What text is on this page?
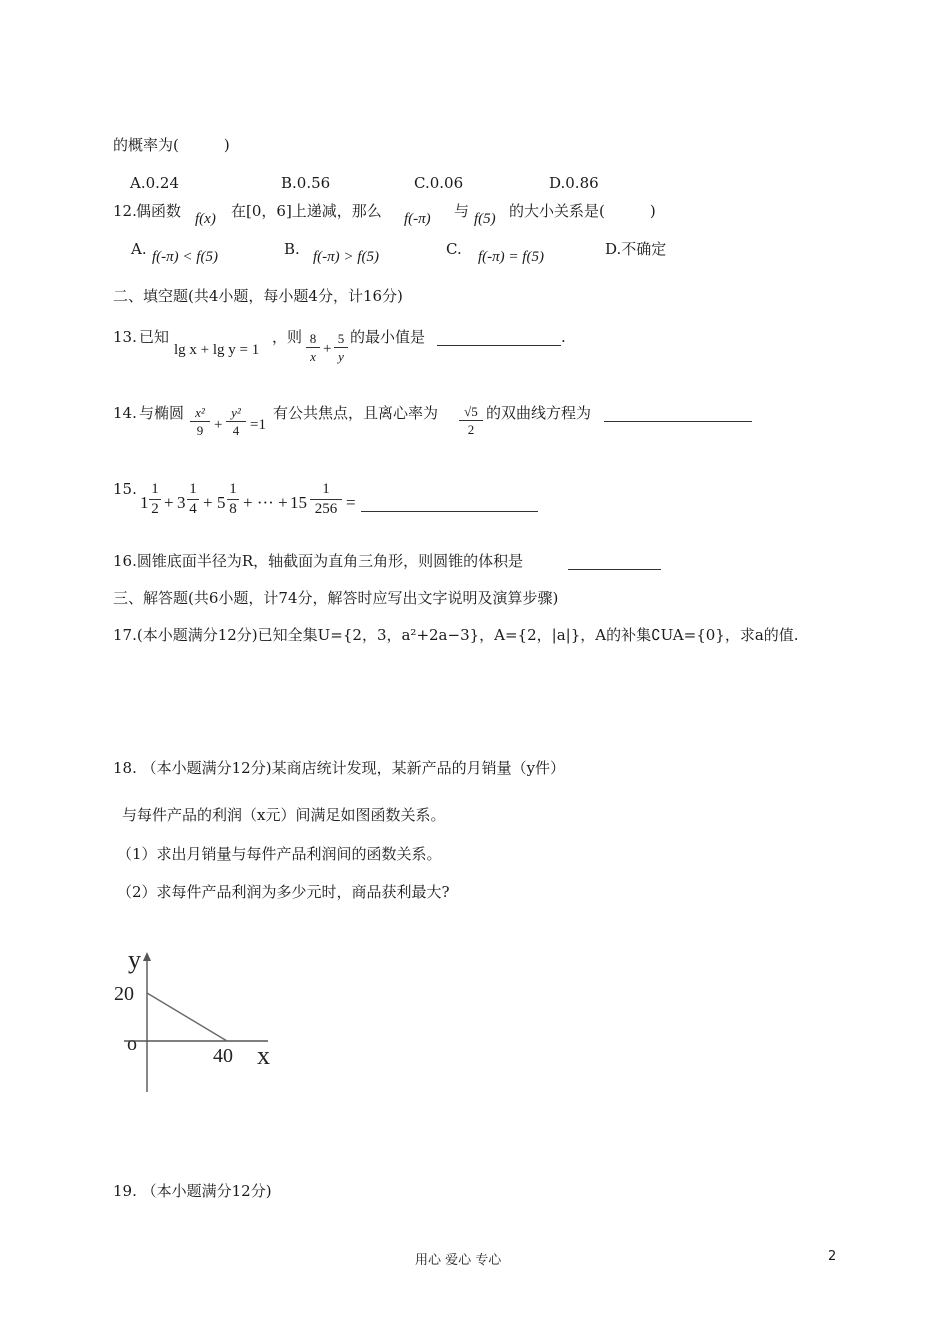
的概率为(　　　)
A.0.24	B.0.56	C.0.06	D.0.86
12. 偶函数 f(x) 在[0，6]上递减，那么 f(-π) 与 f(5) 的大小关系是(　　　)
A. f(-π) < f(5)	B. f(-π) > f(5)	C. f(-π) = f(5)	D.不确定
二、填空题(共4小题，每小题4分，计16分)
13. 已知
lg x + lg y = 1
，则 8
x +
5
y
的最小值是	.
14. 与椭圆 x²
9 +
y²
4 =1
有公共焦点，且离心率为	√5
2
的双曲线方程为
15.
1
1
2 + 3
1
4 + 5
1
8 + ··· + 15
1
256 =
16.圆锥底面半径为R，轴截面为直角三角形，则圆锥的体积是
三、解答题(共6小题，计74分，解答时应写出文字说明及演算步骤)
17.(本小题满分12分)已知全集U={2，3，a²+2a−3}，A={2，|a|}，A的补集∁UA={0}，求a的值.
18. （本小题满分12分)某商店统计发现，某新产品的月销量（y件）
与每件产品的利润（x元）间满足如图函数关系。
（1）求出月销量与每件产品利润间的函数关系。
（2）求每件产品利润为多少元时，商品获利最大?
y
20
o
40 x
19. （本小题满分12分)
用心 爱心 专心	2
